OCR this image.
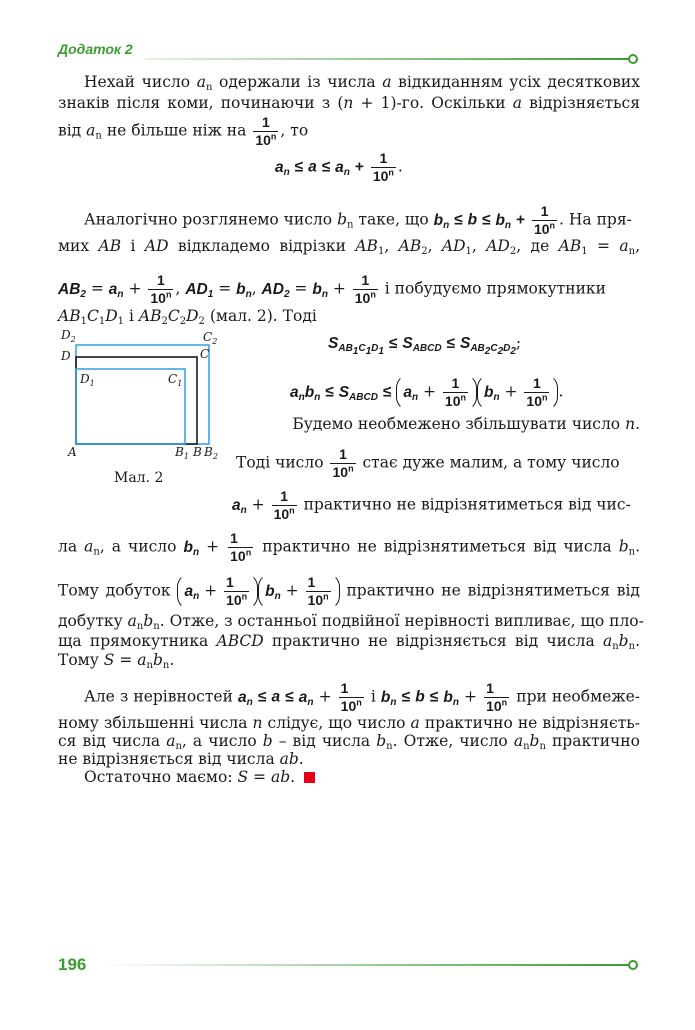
Додаток 2
Нехай число $a_n$ одержали із числа a відкиданням усіх десяткових
знаків після коми, починаючи з (n + 1)-го. Оскільки a відрізняється
від $a_n$ не більше ніж на $\frac{1}{10^n}$ , то
$a_n \le a \le a_n + \frac{1}{10^n}$ .
Аналогічно розглянемо число $b_n$ таке, що $b_n \le b \le b_n + \frac{1}{10^n}$ . На пря-
мих AB і AD відкладемо відрізки $AB_1$, $AB_2$, $AD_1$, $AD_2$, де $AB_1 = a_n$,
$AB_2 = a_n + \frac{1}{10^n}$ , $AD_1 = b_n$, $AD_2 = b_n + \frac{1}{10^n}$ і побудуємо прямокутники
$AB_1C_1D_1$ і $AB_2C_2D_2$ (мал. 2). Тоді
$S_{AB_1C_1D_1} \le S_{ABCD} \le S_{AB_2C_2D_2}$;
$a_nb_n \le S_{ABCD} \le a_n + \frac{1}{10^n} b_n + \frac{1}{10^n}$ .
Будемо необмежено збільшувати число n.
Тоді число $\frac{1}{10^n}$ стає дуже малим, а тому число
$a_n + \frac{1}{10^n}$ практично не відрізнятиметься від чис-
$D_2$	$C_2$
D	C
$D_1$	$C_1$
A	$B_1$ B $B_2$
Мал. 2
ла $a_n$, а число $b_n + \frac{1}{10^n}$ практично не відрізнятиметься від числа $b_n$.
Тому добуток $a_n + \frac{1}{10^n} b_n + \frac{1}{10^n}$ практично не відрізнятиметься від
добутку $a_nb_n$. Отже, з останньої подвійної нерівності випливає, що пло-
ща прямокутника ABCD практично не відрізняється від числа $a_nb_n$.
Тому $S = a_nb_n$.
Але з нерівностей $a_n \le a \le a_n + \frac{1}{10^n}$ і $b_n \le b \le b_n + \frac{1}{10^n}$ при необмеже-
ному збільшенні числа n слідує, що число a практично не відрізняєть-
ся від числа $a_n$, а число b – від числа $b_n$. Отже, число $a_nb_n$ практично
не відрізняється від числа ab.
Остаточно маємо: S = ab.
196
